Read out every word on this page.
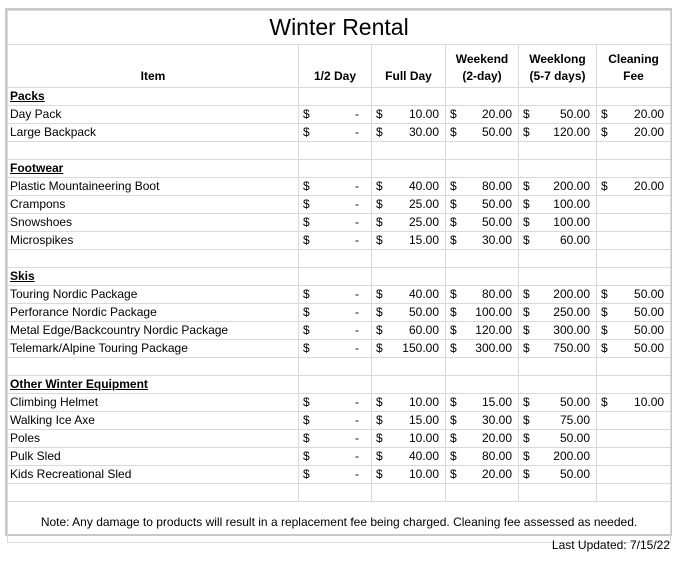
Winter Rental					
Item	1/2 Day	Full Day	Weekend (2-day)	Weeklong (5-7 days)	Cleaning Fee
Packs					
Day Pack	$ -	$ 10.00	$ 20.00	$ 50.00	$ 20.00

Large Backpack	$ -	$ 30.00	$ 50.00	$ 120.00	$ 20.00

Footwear					
Plastic Mountaineering Boot	$ -	$ 40.00	$ 80.00	$ 200.00	$ 20.00

Crampons	$ -	$ 25.00	$ 50.00	$ 100.00	

Snowshoes	$ -	$ 25.00	$ 50.00	$ 100.00	

Microspikes	$ -	$ 15.00	$ 30.00	$ 60.00	

Skis					
Touring Nordic Package	$ -	$ 40.00	$ 80.00	$ 200.00	$ 50.00

Perforance Nordic Package	$ -	$ 50.00	$ 100.00	$ 250.00	$ 50.00

Metal Edge/Backcountry Nordic Package	$ -	$ 60.00	$ 120.00	$ 300.00	$ 50.00

Telemark/Alpine Touring Package	$ -	$ 150.00	$ 300.00	$ 750.00	$ 50.00

Other Winter Equipment					
Climbing Helmet	$ -	$ 10.00	$ 15.00	$ 50.00	$ 10.00

Walking Ice Axe	$ -	$ 15.00	$ 30.00	$ 75.00	

Poles	$ -	$ 10.00	$ 20.00	$ 50.00	

Pulk Sled	$ -	$ 40.00	$ 80.00	$ 200.00	

Kids Recreational Sled	$ -	$ 10.00	$ 20.00	$ 50.00	

Note: Any damage to products will result in a replacement fee being charged. Cleaning fee assessed as needed.					
Last Updated: 7/15/22
